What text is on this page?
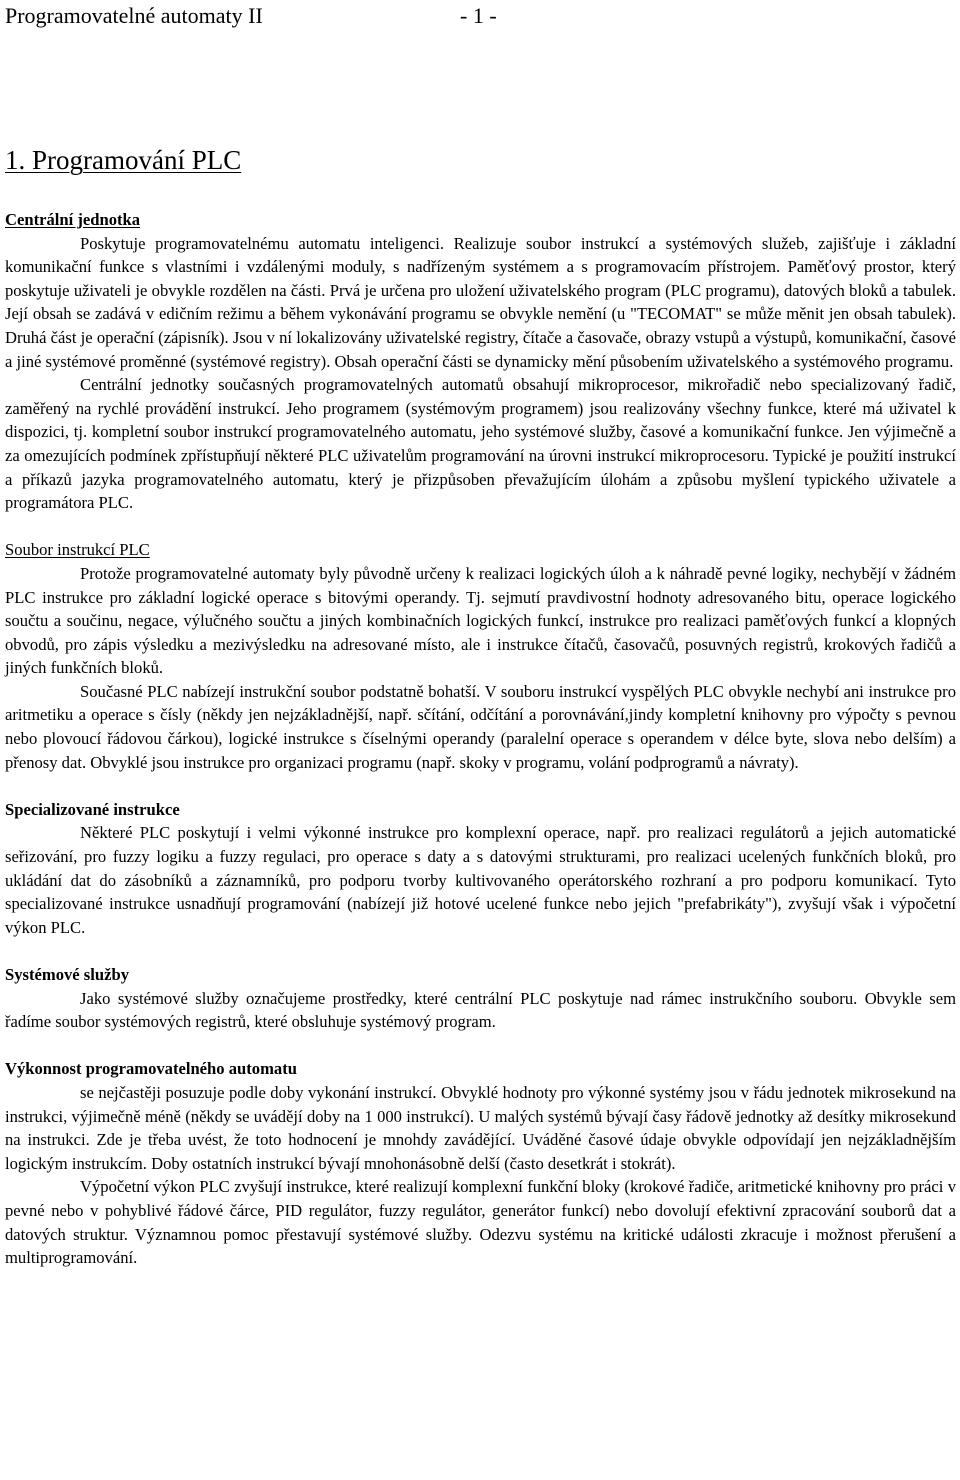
Programovatelné automaty II	- 1 -
1. Programování PLC
Centrální jednotka

Poskytuje programovatelnému automatu inteligenci. Realizuje soubor instrukcí a systémových služeb, zajišťuje i základní komunikační funkce s vlastními i vzdálenými moduly, s nadřízeným systémem a s programovacím přístrojem. Paměťový prostor, který poskytuje uživateli je obvykle rozdělen na části. Prvá je určena pro uložení uživatelského program (PLC programu), datových bloků a tabulek. Její obsah se zadává v edičním režimu a během vykonávání programu se obvykle nemění (u "TECOMAT" se může měnit jen obsah tabulek). Druhá část je operační (zápisník). Jsou v ní lokalizovány uživatelské registry, čítače a časovače, obrazy vstupů a výstupů, komunikační, časové a jiné systémové proměnné (systémové registry). Obsah operační části se dynamicky mění působením uživatelského a systémového programu.

Centrální jednotky současných programovatelných automatů obsahují mikroprocesor, mikrořadič nebo specializovaný řadič, zaměřený na rychlé provádění instrukcí. Jeho programem (systémovým programem) jsou realizovány všechny funkce, které má uživatel k dispozici, tj. kompletní soubor instrukcí programovatelného automatu, jeho systémové služby, časové a komunikační funkce. Jen výjimečně a za omezujících podmínek zpřístupňují některé PLC uživatelům programování na úrovni instrukcí mikroprocesoru. Typické je použití instrukcí a příkazů jazyka programovatelného automatu, který je přizpůsoben převažujícím úlohám a způsobu myšlení typického uživatele a programátora PLC.

Soubor instrukcí PLC

Protože programovatelné automaty byly původně určeny k realizaci logických úloh a k náhradě pevné logiky, nechybějí v žádném PLC instrukce pro základní logické operace s bitovými operandy. Tj. sejmutí pravdivostní hodnoty adresovaného bitu, operace logického součtu a součinu, negace, výlučného součtu a jiných kombinačních logických funkcí, instrukce pro realizaci paměťových funkcí a klopných obvodů, pro zápis výsledku a mezivýsledku na adresované místo, ale i instrukce čítačů, časovačů, posuvných registrů, krokových řadičů a jiných funkčních bloků.

Současné PLC nabízejí instrukční soubor podstatně bohatší. V souboru instrukcí vyspělých PLC obvykle nechybí ani instrukce pro aritmetiku a operace s čísly (někdy jen nejzákladnější, např. sčítání, odčítání a porovnávání,jindy kompletní knihovny pro výpočty s pevnou nebo plovoucí řádovou čárkou), logické instrukce s číselnými operandy (paralelní operace s operandem v délce byte, slova nebo delším) a přenosy dat. Obvyklé jsou instrukce pro organizaci programu (např. skoky v programu, volání podprogramů a návraty).

Specializované instrukce

Některé PLC poskytují i velmi výkonné instrukce pro komplexní operace, např. pro realizaci regulátorů a jejich automatické seřizování, pro fuzzy logiku a fuzzy regulaci, pro operace s daty a s datovými strukturami, pro realizaci ucelených funkčních bloků, pro ukládání dat do zásobníků a záznamníků, pro podporu tvorby kultivovaného operátorského rozhraní a pro podporu komunikací. Tyto specializované instrukce usnadňují programování (nabízejí již hotové ucelené funkce nebo jejich "prefabrikáty"), zvyšují však i výpočetní výkon PLC.

Systémové služby

Jako systémové služby označujeme prostředky, které centrální PLC poskytuje nad rámec instrukčního souboru. Obvykle sem řadíme soubor systémových registrů, které obsluhuje systémový program.

Výkonnost programovatelného automatu

se nejčastěji posuzuje podle doby vykonání instrukcí. Obvyklé hodnoty pro výkonné systémy jsou v řádu jednotek mikrosekund na instrukci, výjimečně méně (někdy se uvádějí doby na 1 000 instrukcí). U malých systémů bývají časy řádově jednotky až desítky mikrosekund na instrukci. Zde je třeba uvést, že toto hodnocení je mnohdy zavádějící. Uváděné časové údaje obvykle odpovídají jen nejzákladnějším logickým instrukcím. Doby ostatních instrukcí bývají mnohonásobně delší (často desetkrát i stokrát).

Výpočetní výkon PLC zvyšují instrukce, které realizují komplexní funkční bloky (krokové řadiče, aritmetické knihovny pro práci v pevné nebo v pohyblivé řádové čárce, PID regulátor, fuzzy regulátor, generátor funkcí) nebo dovolují efektivní zpracování souborů dat a datových struktur. Významnou pomoc přestavují systémové služby. Odezvu systému na kritické události zkracuje i možnost přerušení a multiprogramování.
